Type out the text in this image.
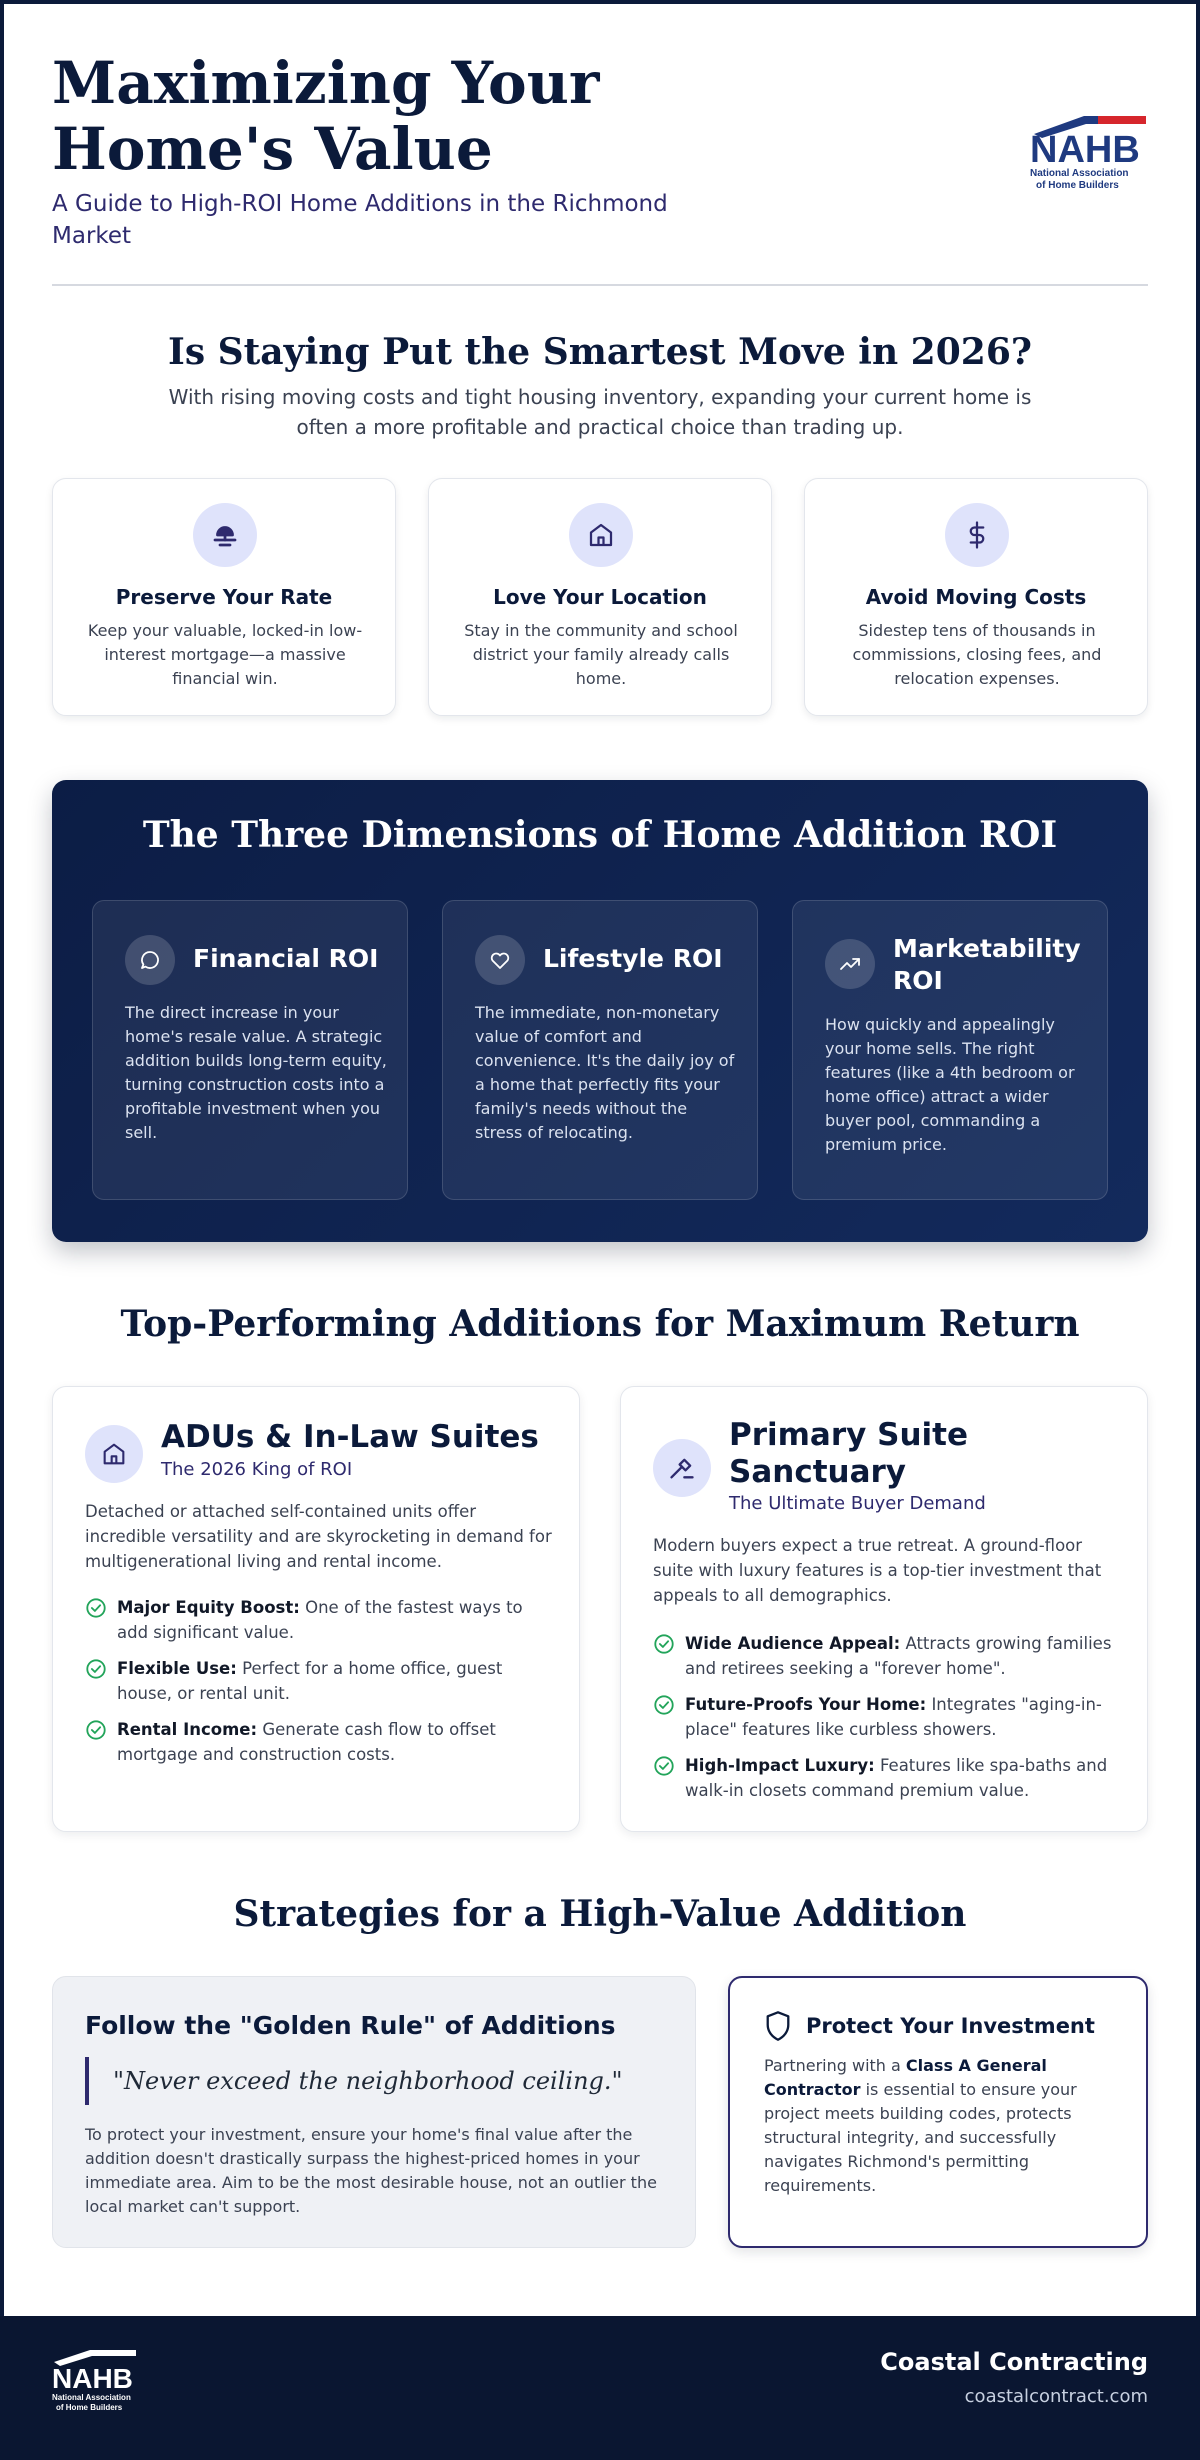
Maximizing Your Home's Value
A Guide to High-ROI Home Additions in the Richmond Market
NAHB
National Association
of Home Builders
Is Staying Put the Smartest Move in 2026?

With rising moving costs and tight housing inventory, expanding your current home is often a more profitable and practical choice than trading up.

Preserve Your Rate

Keep your valuable, locked-in low-interest mortgage—a massive financial win.

Love Your Location

Stay in the community and school district your family already calls home.

Avoid Moving Costs

Sidestep tens of thousands in commissions, closing fees, and relocation expenses.

The Three Dimensions of Home Addition ROI
Financial ROI

The direct increase in your home's resale value. A strategic addition builds long-term equity, turning construction costs into a profitable investment when you sell.

Lifestyle ROI

The immediate, non-monetary value of comfort and convenience. It's the daily joy of a home that perfectly fits your family's needs without the stress of relocating.

Marketability ROI

How quickly and appealingly your home sells. The right features (like a 4th bedroom or home office) attract a wider buyer pool, commanding a premium price.

Top-Performing Additions for Maximum Return
ADUs & In-Law Suites
The 2026 King of ROI

Detached or attached self-contained units offer incredible versatility and are skyrocketing in demand for multigenerational living and rental income.

Major Equity Boost: One of the fastest ways to add significant value.
Flexible Use: Perfect for a home office, guest house, or rental unit.
Rental Income: Generate cash flow to offset mortgage and construction costs.
Primary Suite Sanctuary
The Ultimate Buyer Demand

Modern buyers expect a true retreat. A ground-floor suite with luxury features is a top-tier investment that appeals to all demographics.

Wide Audience Appeal: Attracts growing families and retirees seeking a "forever home".
Future-Proofs Your Home: Integrates "aging-in-place" features like curbless showers.
High-Impact Luxury: Features like spa-baths and walk-in closets command premium value.
Strategies for a High-Value Addition
Follow the "Golden Rule" of Additions
"Never exceed the neighborhood ceiling."

To protect your investment, ensure your home's final value after the addition doesn't drastically surpass the highest-priced homes in your immediate area. Aim to be the most desirable house, not an outlier the local market can't support.

Protect Your Investment

Partnering with a Class A General Contractor is essential to ensure your project meets building codes, protects structural integrity, and successfully navigates Richmond's permitting requirements.

NAHB
National Association
of Home Builders
Coastal Contracting
coastalcontract.com
